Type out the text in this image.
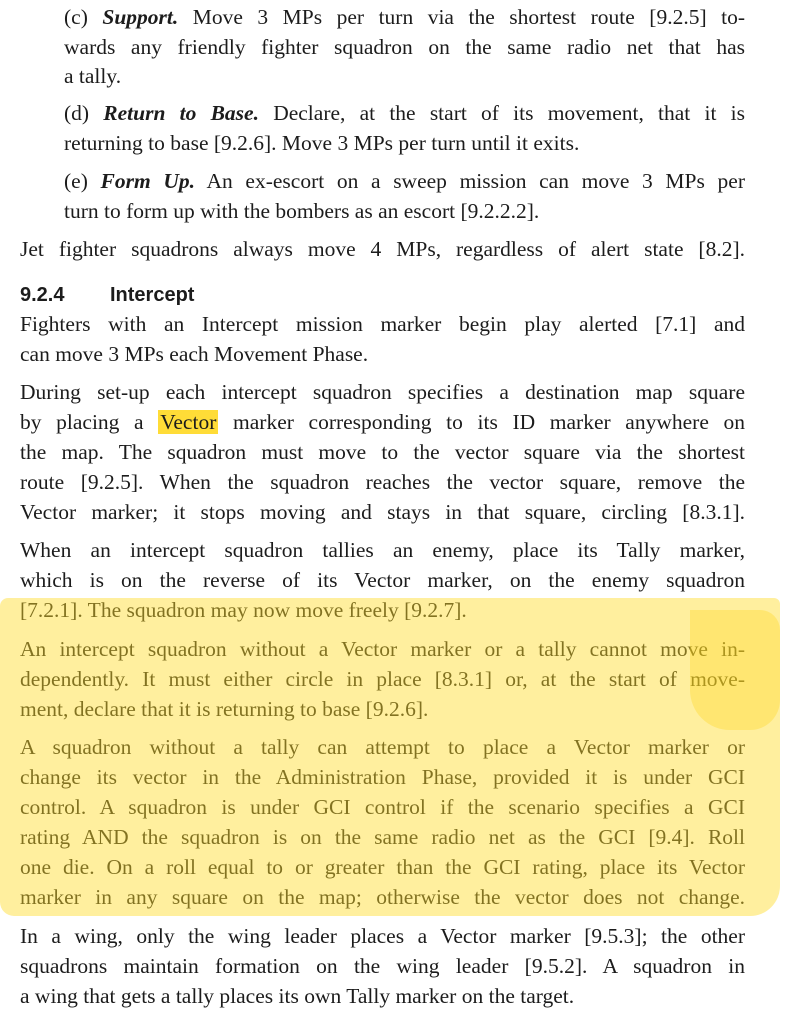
(c) Support. Move 3 MPs per turn via the shortest route [9.2.5] to-
wards any friendly fighter squadron on the same radio net that has
a tally.
(d) Return to Base. Declare, at the start of its movement, that it is
returning to base [9.2.6]. Move 3 MPs per turn until it exits.
(e) Form Up. An ex-escort on a sweep mission can move 3 MPs per
turn to form up with the bombers as an escort [9.2.2.2].
Jet fighter squadrons always move 4 MPs, regardless of alert state [8.2].
9.2.4 Intercept
Fighters with an Intercept mission marker begin play alerted [7.1] and
can move 3 MPs each Movement Phase.
During set-up each intercept squadron specifies a destination map square
by placing a Vector marker corresponding to its ID marker anywhere on
the map. The squadron must move to the vector square via the shortest
route [9.2.5]. When the squadron reaches the vector square, remove the
Vector marker; it stops moving and stays in that square, circling [8.3.1].
When an intercept squadron tallies an enemy, place its Tally marker,
which is on the reverse of its Vector marker, on the enemy squadron
[7.2.1]. The squadron may now move freely [9.2.7].
An intercept squadron without a Vector marker or a tally cannot move in-
dependently. It must either circle in place [8.3.1] or, at the start of move-
ment, declare that it is returning to base [9.2.6].
A squadron without a tally can attempt to place a Vector marker or
change its vector in the Administration Phase, provided it is under GCI
control. A squadron is under GCI control if the scenario specifies a GCI
rating AND the squadron is on the same radio net as the GCI [9.4]. Roll
one die. On a roll equal to or greater than the GCI rating, place its Vector
marker in any square on the map; otherwise the vector does not change.
In a wing, only the wing leader places a Vector marker [9.5.3]; the other
squadrons maintain formation on the wing leader [9.5.2]. A squadron in
a wing that gets a tally places its own Tally marker on the target.
